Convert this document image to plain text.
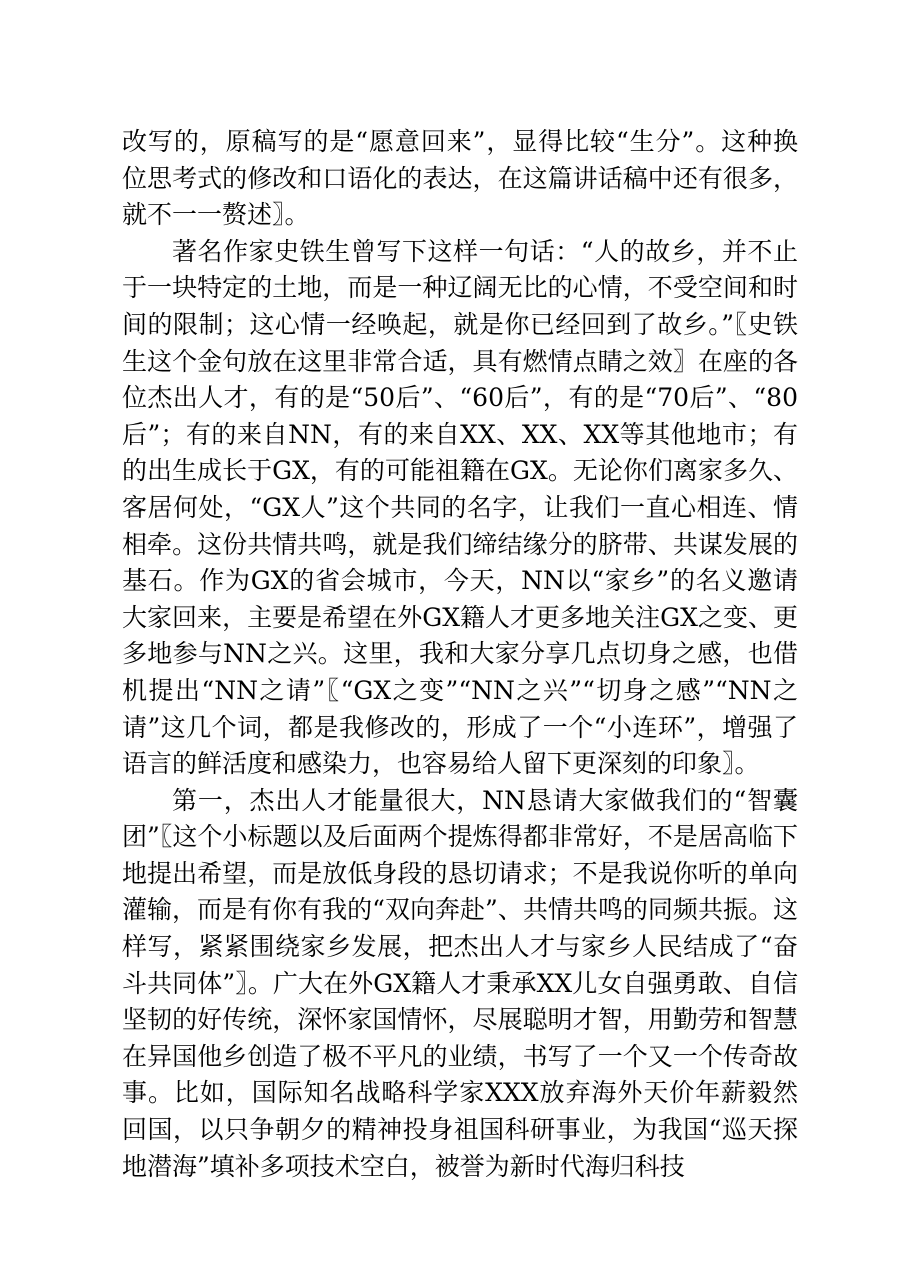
改写的，原稿写的是“愿意回来”，显得比较“生分”。这种换位思考式的修改和口语化的表达，在这篇讲话稿中还有很多，就不一一赘述〗。

著名作家史铁生曾写下这样一句话：“人的故乡，并不止于一块特定的土地，而是一种辽阔无比的心情，不受空间和时间的限制；这心情一经唤起，就是你已经回到了故乡。”〖史铁生这个金句放在这里非常合适，具有燃情点睛之效〗在座的各位杰出人才，有的是“50后”、“60后”，有的是“70后”、“80后”；有的来自NN，有的来自XX、XX、XX等其他地市；有的出生成长于GX，有的可能祖籍在GX。无论你们离家多久、客居何处，“GX人”这个共同的名字，让我们一直心相连、情相牵。这份共情共鸣，就是我们缔结缘分的脐带、共谋发展的基石。作为GX的省会城市，今天，NN以“家乡”的名义邀请大家回来，主要是希望在外GX籍人才更多地关注GX之变、更多地参与NN之兴。这里，我和大家分享几点切身之感，也借机提出“NN之请”〖“GX之变”“NN之兴”“切身之感”“NN之请”这几个词，都是我修改的，形成了一个“小连环”，增强了语言的鲜活度和感染力，也容易给人留下更深刻的印象〗。

第一，杰出人才能量很大，NN恳请大家做我们的“智囊团”〖这个小标题以及后面两个提炼得都非常好，不是居高临下地提出希望，而是放低身段的恳切请求；不是我说你听的单向灌输，而是有你有我的“双向奔赴”、共情共鸣的同频共振。这样写，紧紧围绕家乡发展，把杰出人才与家乡人民结成了“奋斗共同体”〗。广大在外GX籍人才秉承XX儿女自强勇敢、自信坚韧的好传统，深怀家国情怀，尽展聪明才智，用勤劳和智慧在异国他乡创造了极不平凡的业绩，书写了一个又一个传奇故事。比如，国际知名战略科学家XXX放弃海外天价年薪毅然回国，以只争朝夕的精神投身祖国科研事业，为我国“巡天探地潜海”填补多项技术空白，被誉为新时代海归科技
